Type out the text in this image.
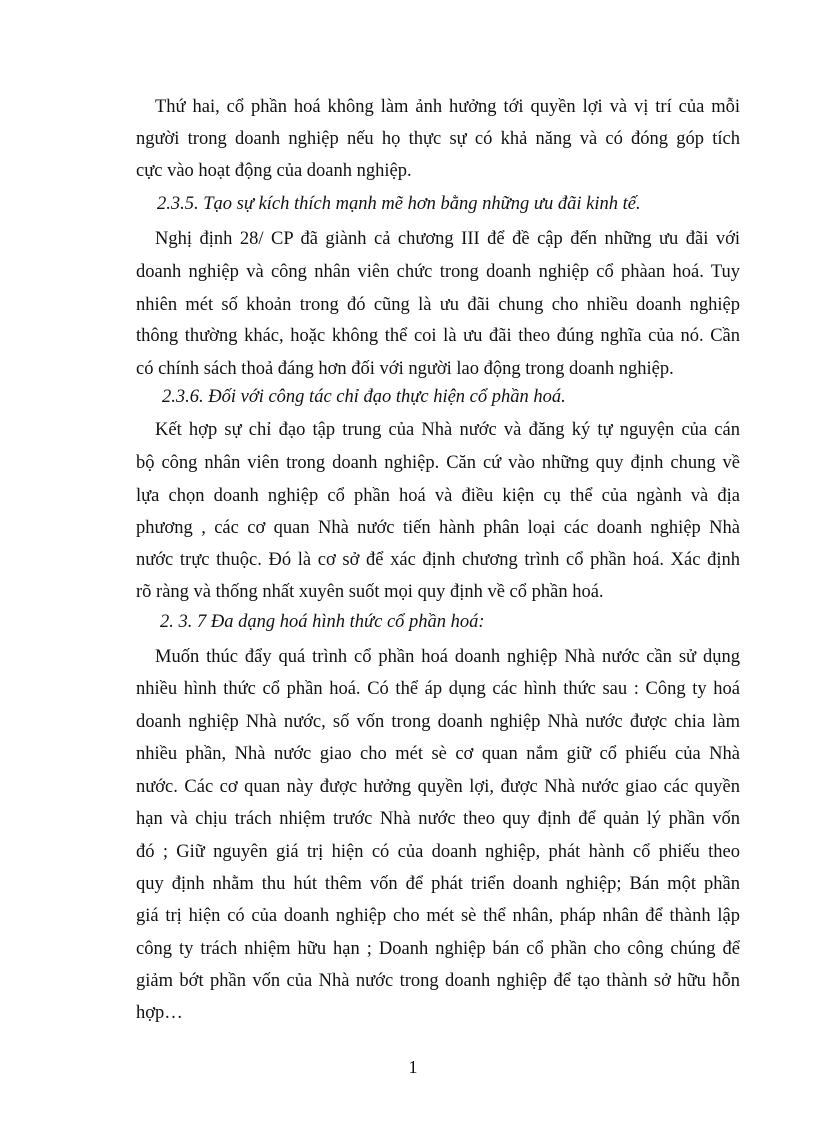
Thứ hai, cổ phần hoá không làm ảnh hưởng tới quyền lợi và vị trí của mỗi
người trong doanh nghiệp nếu họ thực sự có khả năng và có đóng góp tích
cực vào hoạt động của doanh nghiệp.
2.3.5. Tạo sự kích thích mạnh mẽ hơn bằng những ưu đãi kinh tế.
Nghị định 28/ CP đã giành cả chương III để đề cập đến những ưu đãi với
doanh nghiệp và công nhân viên chức trong doanh nghiệp cổ phàan hoá. Tuy
nhiên mét số khoản trong đó cũng là ưu đãi chung cho nhiều doanh nghiệp
thông thường khác, hoặc không thể coi là ưu đãi theo đúng nghĩa của nó. Cần
có chính sách thoả đáng hơn đối với người lao động trong doanh nghiệp.
2.3.6. Đối với công tác chỉ đạo thực hiện cổ phần hoá.
Kết hợp sự chỉ đạo tập trung của Nhà nước và đăng ký tự nguyện của cán
bộ công nhân viên trong doanh nghiệp. Căn cứ vào những quy định chung về
lựa chọn doanh nghiệp cổ phần hoá và điều kiện cụ thể của ngành và địa
phương , các cơ quan Nhà nước tiến hành phân loại các doanh nghiệp Nhà
nước trực thuộc. Đó là cơ sở để xác định chương trình cổ phần hoá. Xác định
rõ ràng và thống nhất xuyên suốt mọi quy định về cổ phần hoá.
2. 3. 7 Đa dạng hoá hình thức cổ phần hoá:
Muốn thúc đẩy quá trình cổ phần hoá doanh nghiệp Nhà nước cần sử dụng
nhiều hình thức cổ phần hoá. Có thể áp dụng các hình thức sau : Công ty hoá
doanh nghiệp Nhà nước, số vốn trong doanh nghiệp Nhà nước được chia làm
nhiều phần, Nhà nước giao cho mét sè cơ quan nắm giữ cổ phiếu của Nhà
nước. Các cơ quan này được hưởng quyền lợi, được Nhà nước giao các quyền
hạn và chịu trách nhiệm trước Nhà nước theo quy định để quản lý phần vốn
đó ; Giữ nguyên giá trị hiện có của doanh nghiệp, phát hành cổ phiếu theo
quy định nhằm thu hút thêm vốn để phát triển doanh nghiệp; Bán một phần
giá trị hiện có của doanh nghiệp cho mét sè thể nhân, pháp nhân để thành lập
công ty trách nhiệm hữu hạn ; Doanh nghiệp bán cổ phần cho công chúng để
giảm bớt phần vốn của Nhà nước trong doanh nghiệp để tạo thành sở hữu hỗn
hợp…
1
